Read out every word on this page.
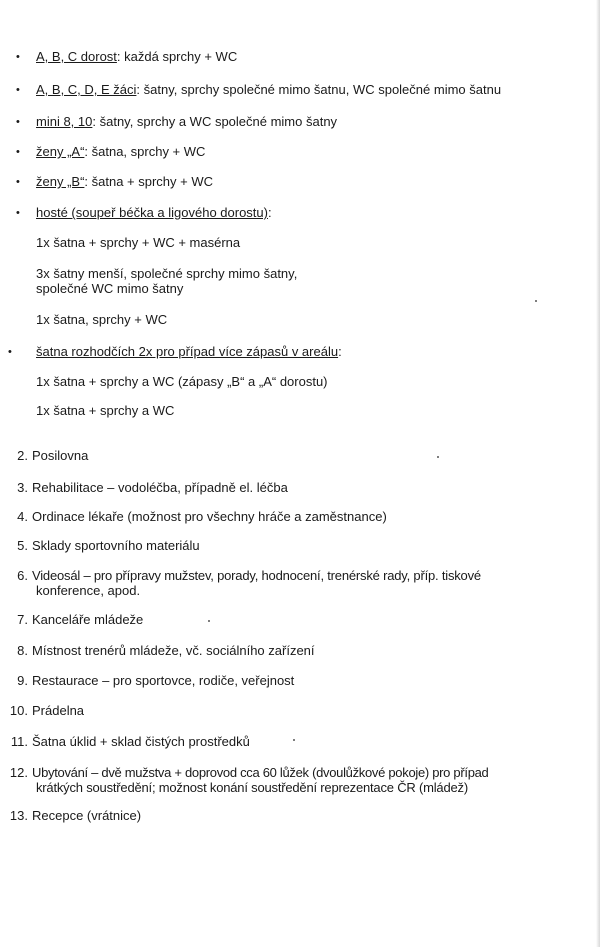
• A, B, C dorost: každá sprchy + WC
• A, B, C, D, E žáci: šatny, sprchy společné mimo šatnu, WC společné mimo šatnu
• mini 8, 10: šatny, sprchy a WC společné mimo šatny
• ženy „A“: šatna, sprchy + WC
• ženy „B“: šatna + sprchy + WC
• hosté (soupeř béčka a ligového dorostu):
1x šatna + sprchy + WC + masérna
3x šatny menší, společné sprchy mimo šatny,
společné WC mimo šatny
1x šatna, sprchy + WC
• šatna rozhodčích 2x pro případ více zápasů v areálu:
1x šatna + sprchy a WC (zápasy „B“ a „A“ dorostu)
1x šatna + sprchy a WC
2. Posilovna
3. Rehabilitace – vodoléčba, případně el. léčba
4. Ordinace lékaře (možnost pro všechny hráče a zaměstnance)
5. Sklady sportovního materiálu
6. Videosál – pro přípravy mužstev, porady, hodnocení, trenérské rady, příp. tiskové
konference, apod.
7. Kanceláře mládeže
8. Místnost trenérů mládeže, vč. sociálního zařízení
9. Restaurace – pro sportovce, rodiče, veřejnost
10. Prádelna
11. Šatna úklid + sklad čistých prostředků
12. Ubytování – dvě mužstva + doprovod cca 60 lůžek (dvoulůžkové pokoje) pro případ
krátkých soustředění; možnost konání soustředění reprezentace ČR (mládež)
13. Recepce (vrátnice)
